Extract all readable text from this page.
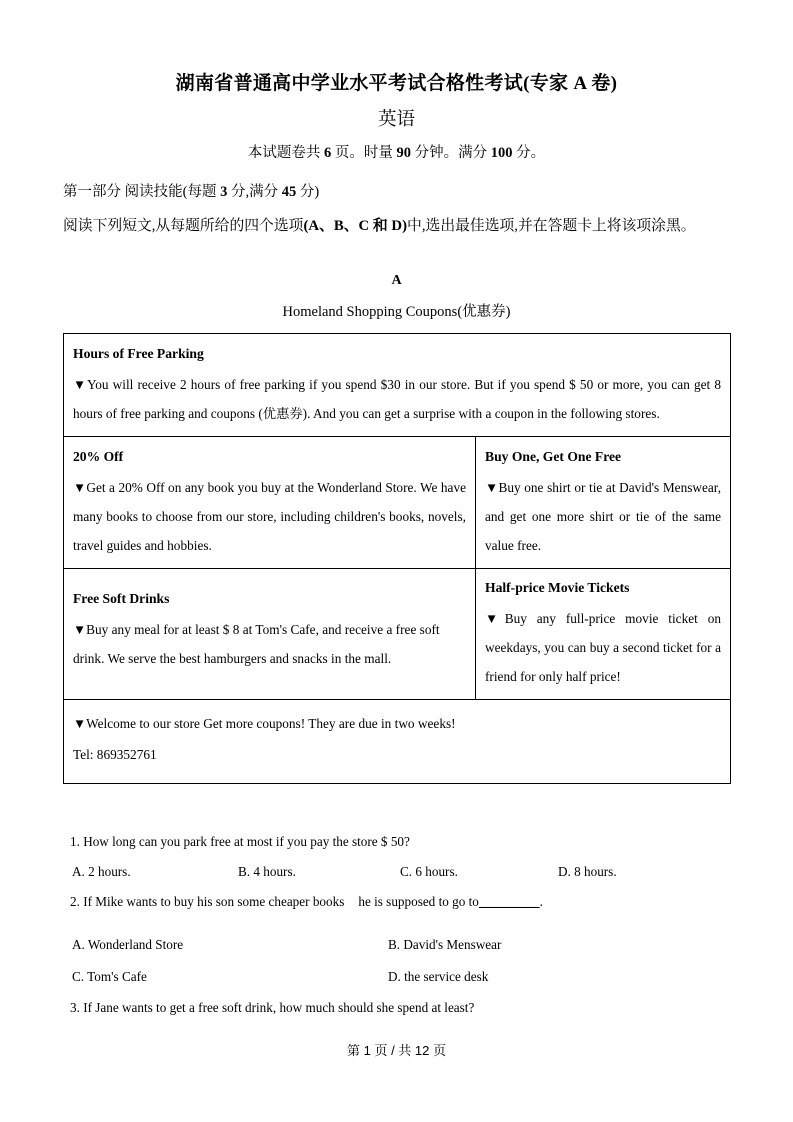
湖南省普通高中学业水平考试合格性考试(专家 A 卷)
英语
本试题卷共 6 页。时量 90 分钟。满分 100 分。
第一部分 阅读技能(每题 3 分,满分 45 分)
阅读下列短文,从每题所给的四个选项(A、B、C 和 D)中,选出最佳选项,并在答题卡上将该项涂黑。
A
Homeland Shopping Coupons(优惠券)

Hours of Free Parking

▼You will receive 2 hours of free parking if you spend $30 in our store. But if you spend $ 50 or more, you can get 8 hours of free parking and coupons (优惠券). And you can get a surprise with a coupon in the following stores.	

20% Off

▼Get a 20% Off on any book you buy at the Wonderland Store. We have many books to choose from our store, including children's books, novels, travel guides and hobbies.

Buy One, Get One Free

▼Buy one shirt or tie at David's Menswear, and get one more shirt or tie of the same value free.

Free Soft Drinks

▼Buy any meal for at least $ 8 at Tom's Cafe, and receive a free soft drink. We serve the best hamburgers and snacks in the mall.

Half-price Movie Tickets

▼Buy any full-price movie ticket on weekdays, you can buy a second ticket for a friend for only half price!

▼Welcome to our store Get more coupons! They are due in two weeks!

Tel: 869352761	

1. How long can you park free at most if you pay the store $ 50?
A. 2 hours.	B. 4 hours.	C. 6 hours.	D. 8 hours.
2. If Mike wants to buy his son some cheaper books he is supposed to go to________.
A. Wonderland Store	B. David's Menswear
C. Tom's Cafe	D. the service desk
3. If Jane wants to get a free soft drink, how much should she spend at least?
第 1 页 / 共 12 页
